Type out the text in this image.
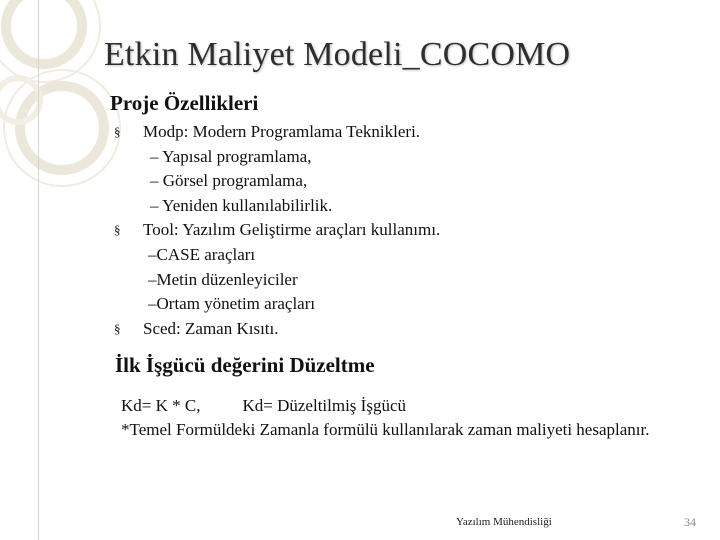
Etkin Maliyet Modeli_COCOMO
Proje Özellikleri
§ Modp: Modern Programlama Teknikleri.
– Yapısal programlama,
– Görsel programlama,
– Yeniden kullanılabilirlik.
§ Tool: Yazılım Geliştirme araçları kullanımı.
–CASE araçları
–Metin düzenleyiciler
–Ortam yönetim araçları
§ Sced: Zaman Kısıtı.
İlk İşgücü değerini Düzeltme
Kd= K * C, Kd= Düzeltilmiş İşgücü
*Temel Formüldeki Zamanla formülü kullanılarak zaman maliyeti hesaplanır.
Yazılım Mühendisliği	34
